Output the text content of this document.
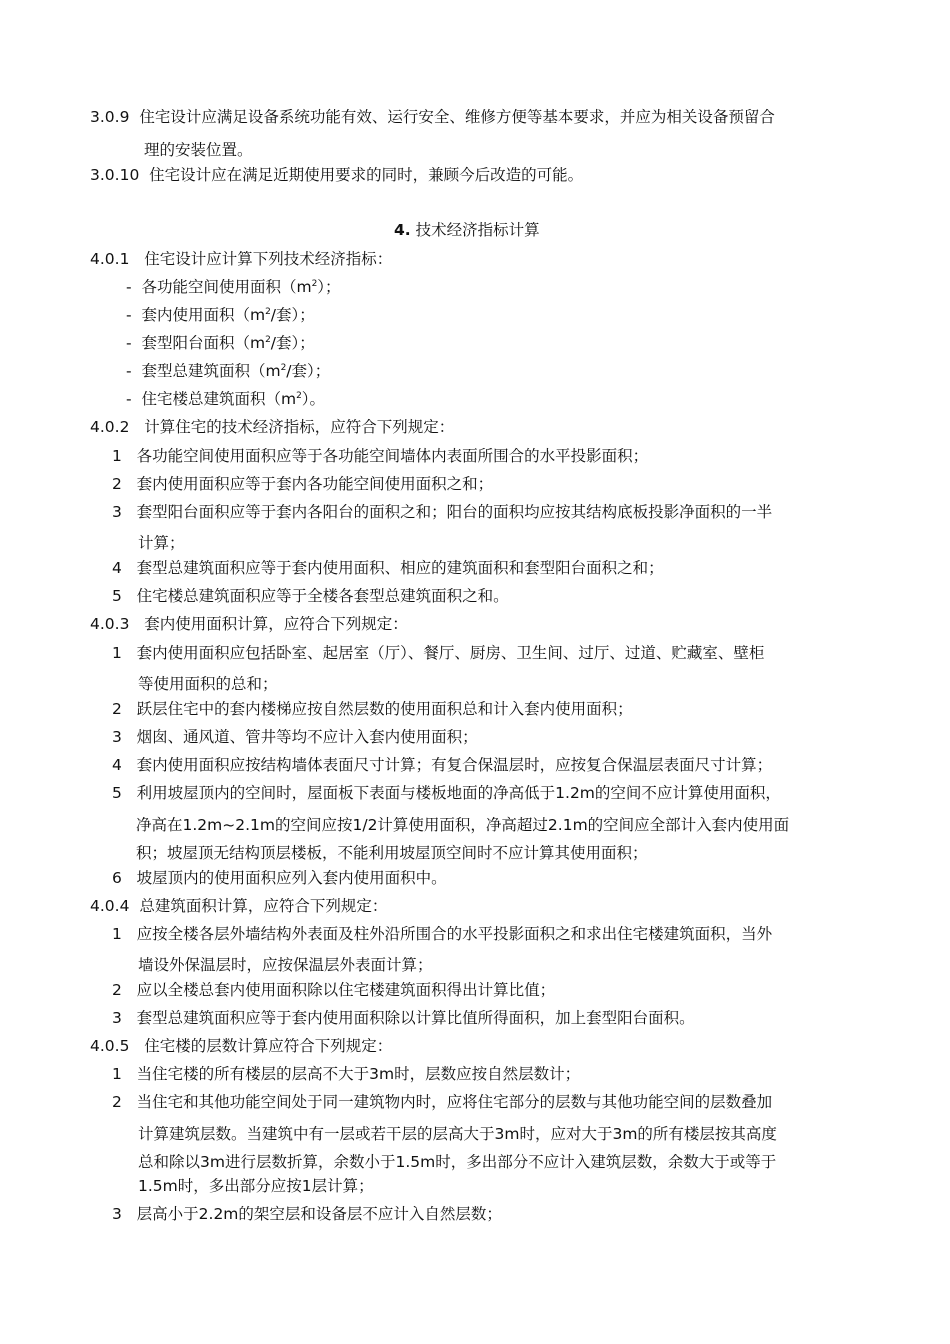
3.0.9 住宅设计应满足设备系统功能有效、运行安全、维修方便等基本要求，并应为相关设备预留合
理的安装位置。
3.0.10 住宅设计应在满足近期使用要求的同时，兼顾今后改造的可能。
4. 技术经济指标计算
4.0.1 住宅设计应计算下列技术经济指标：
- 各功能空间使用面积$(m^2)$；
- 套内使用面积（$m^2/$套）；
- 套型阳台面积（$m^2/$套）；
- 套型总建筑面积（$m^2/$套）；
- 住宅楼总建筑面积$(m^2)$。
4.0.2 计算住宅的技术经济指标，应符合下列规定：
1 各功能空间使用面积应等于各功能空间墙体内表面所围合的水平投影面积；
2 套内使用面积应等于套内各功能空间使用面积之和；
3 套型阳台面积应等于套内各阳台的面积之和；阳台的面积均应按其结构底板投影净面积的一半
计算；
4 套型总建筑面积应等于套内使用面积、相应的建筑面积和套型阳台面积之和；
5 住宅楼总建筑面积应等于全楼各套型总建筑面积之和。
4.0.3 套内使用面积计算，应符合下列规定：
1 套内使用面积应包括卧室、起居室（厅）、餐厅、厨房、卫生间、过厅、过道、贮藏室、壁柜
等使用面积的总和；
2 跃层住宅中的套内楼梯应按自然层数的使用面积总和计入套内使用面积；
3 烟囱、通风道、管井等均不应计入套内使用面积；
4 套内使用面积应按结构墙体表面尺寸计算；有复合保温层时，应按复合保温层表面尺寸计算；
5 利用坡屋顶内的空间时，屋面板下表面与楼板地面的净高低于1.2m的空间不应计算使用面积，
净高在1.2m~2.1m的空间应按1/2计算使用面积，净高超过2.1m的空间应全部计入套内使用面
积；坡屋顶无结构顶层楼板，不能利用坡屋顶空间时不应计算其使用面积；
6 坡屋顶内的使用面积应列入套内使用面积中。
4.0.4 总建筑面积计算，应符合下列规定：
1 应按全楼各层外墙结构外表面及柱外沿所围合的水平投影面积之和求出住宅楼建筑面积，当外
墙设外保温层时，应按保温层外表面计算；
2 应以全楼总套内使用面积除以住宅楼建筑面积得出计算比值；
3 套型总建筑面积应等于套内使用面积除以计算比值所得面积，加上套型阳台面积。
4.0.5 住宅楼的层数计算应符合下列规定：
1 当住宅楼的所有楼层的层高不大于3m时，层数应按自然层数计；
2 当住宅和其他功能空间处于同一建筑物内时，应将住宅部分的层数与其他功能空间的层数叠加
计算建筑层数。当建筑中有一层或若干层的层高大于3m时，应对大于3m的所有楼层按其高度
总和除以3m进行层数折算，余数小于1.5m时，多出部分不应计入建筑层数，余数大于或等于
1.5m时，多出部分应按1层计算；
3 层高小于2.2m的架空层和设备层不应计入自然层数；
